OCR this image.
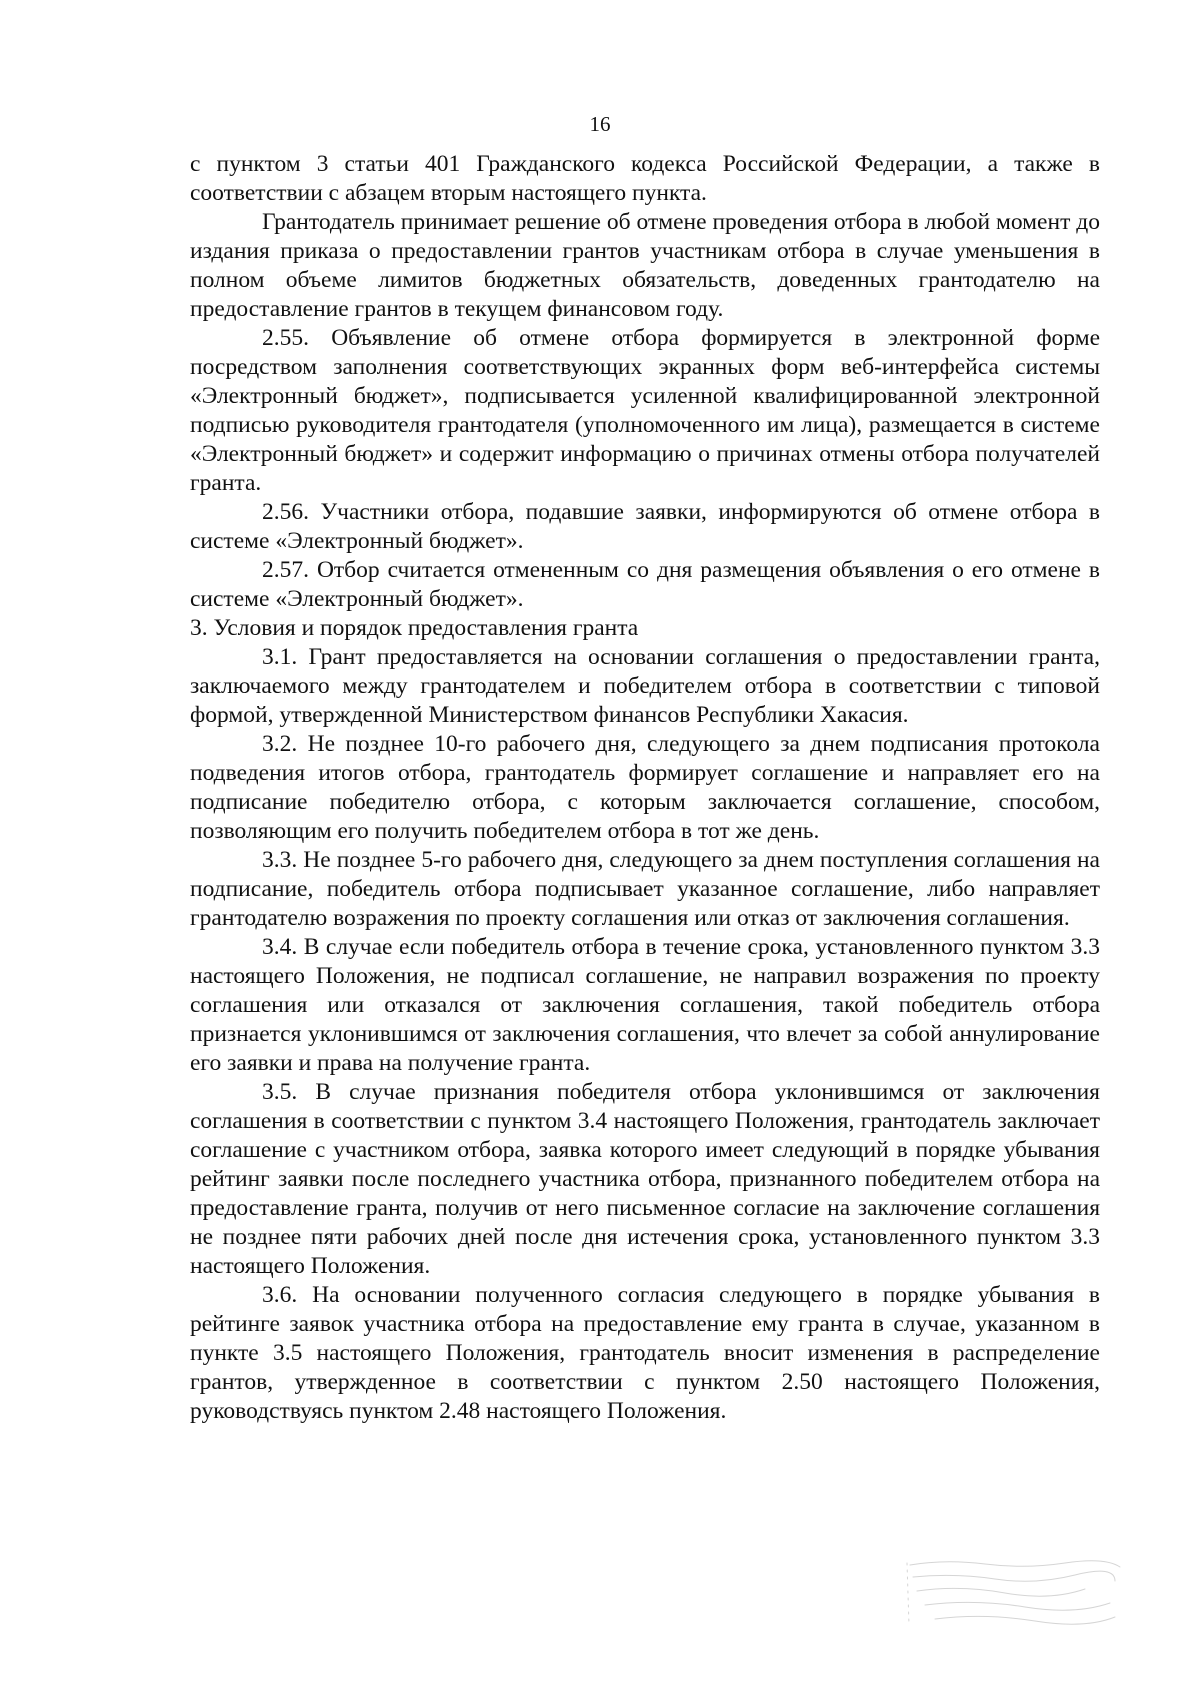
16

с пунктом 3 статьи 401 Гражданского кодекса Российской Федерации, а также в соответствии с абзацем вторым настоящего пункта.

Грантодатель принимает решение об отмене проведения отбора в любой момент до издания приказа о предоставлении грантов участникам отбора в случае уменьшения в полном объеме лимитов бюджетных обязательств, доведенных грантодателю на предоставление грантов в текущем финансовом году.

2.55. Объявление об отмене отбора формируется в электронной форме посредством заполнения соответствующих экранных форм веб-интерфейса системы «Электронный бюджет», подписывается усиленной квалифицированной электронной подписью руководителя грантодателя (уполномоченного им лица), размещается в системе «Электронный бюджет» и содержит информацию о причинах отмены отбора получателей гранта.

2.56. Участники отбора, подавшие заявки, информируются об отмене отбора в системе «Электронный бюджет».

2.57. Отбор считается отмененным со дня размещения объявления о его отмене в системе «Электронный бюджет».

3. Условия и порядок предоставления гранта

3.1. Грант предоставляется на основании соглашения о предоставлении гранта, заключаемого между грантодателем и победителем отбора в соответствии с типовой формой, утвержденной Министерством финансов Республики Хакасия.

3.2. Не позднее 10-го рабочего дня, следующего за днем подписания протокола подведения итогов отбора, грантодатель формирует соглашение и направляет его на подписание победителю отбора, с которым заключается соглашение, способом, позволяющим его получить победителем отбора в тот же день.

3.3. Не позднее 5-го рабочего дня, следующего за днем поступления соглашения на подписание, победитель отбора подписывает указанное соглашение, либо направляет грантодателю возражения по проекту соглашения или отказ от заключения соглашения.

3.4. В случае если победитель отбора в течение срока, установленного пунктом 3.3 настоящего Положения, не подписал соглашение, не направил возражения по проекту соглашения или отказался от заключения соглашения, такой победитель отбора признается уклонившимся от заключения соглашения, что влечет за собой аннулирование его заявки и права на получение гранта.

3.5. В случае признания победителя отбора уклонившимся от заключения соглашения в соответствии с пунктом 3.4 настоящего Положения, грантодатель заключает соглашение с участником отбора, заявка которого имеет следующий в порядке убывания рейтинг заявки после последнего участника отбора, признанного победителем отбора на предоставление гранта, получив от него письменное согласие на заключение соглашения не позднее пяти рабочих дней после дня истечения срока, установленного пунктом 3.3 настоящего Положения.

3.6. На основании полученного согласия следующего в порядке убывания в рейтинге заявок участника отбора на предоставление ему гранта в случае, указанном в пункте 3.5 настоящего Положения, грантодатель вносит изменения в распределение грантов, утвержденное в соответствии с пунктом 2.50 настоящего Положения, руководствуясь пунктом 2.48 настоящего Положения.
